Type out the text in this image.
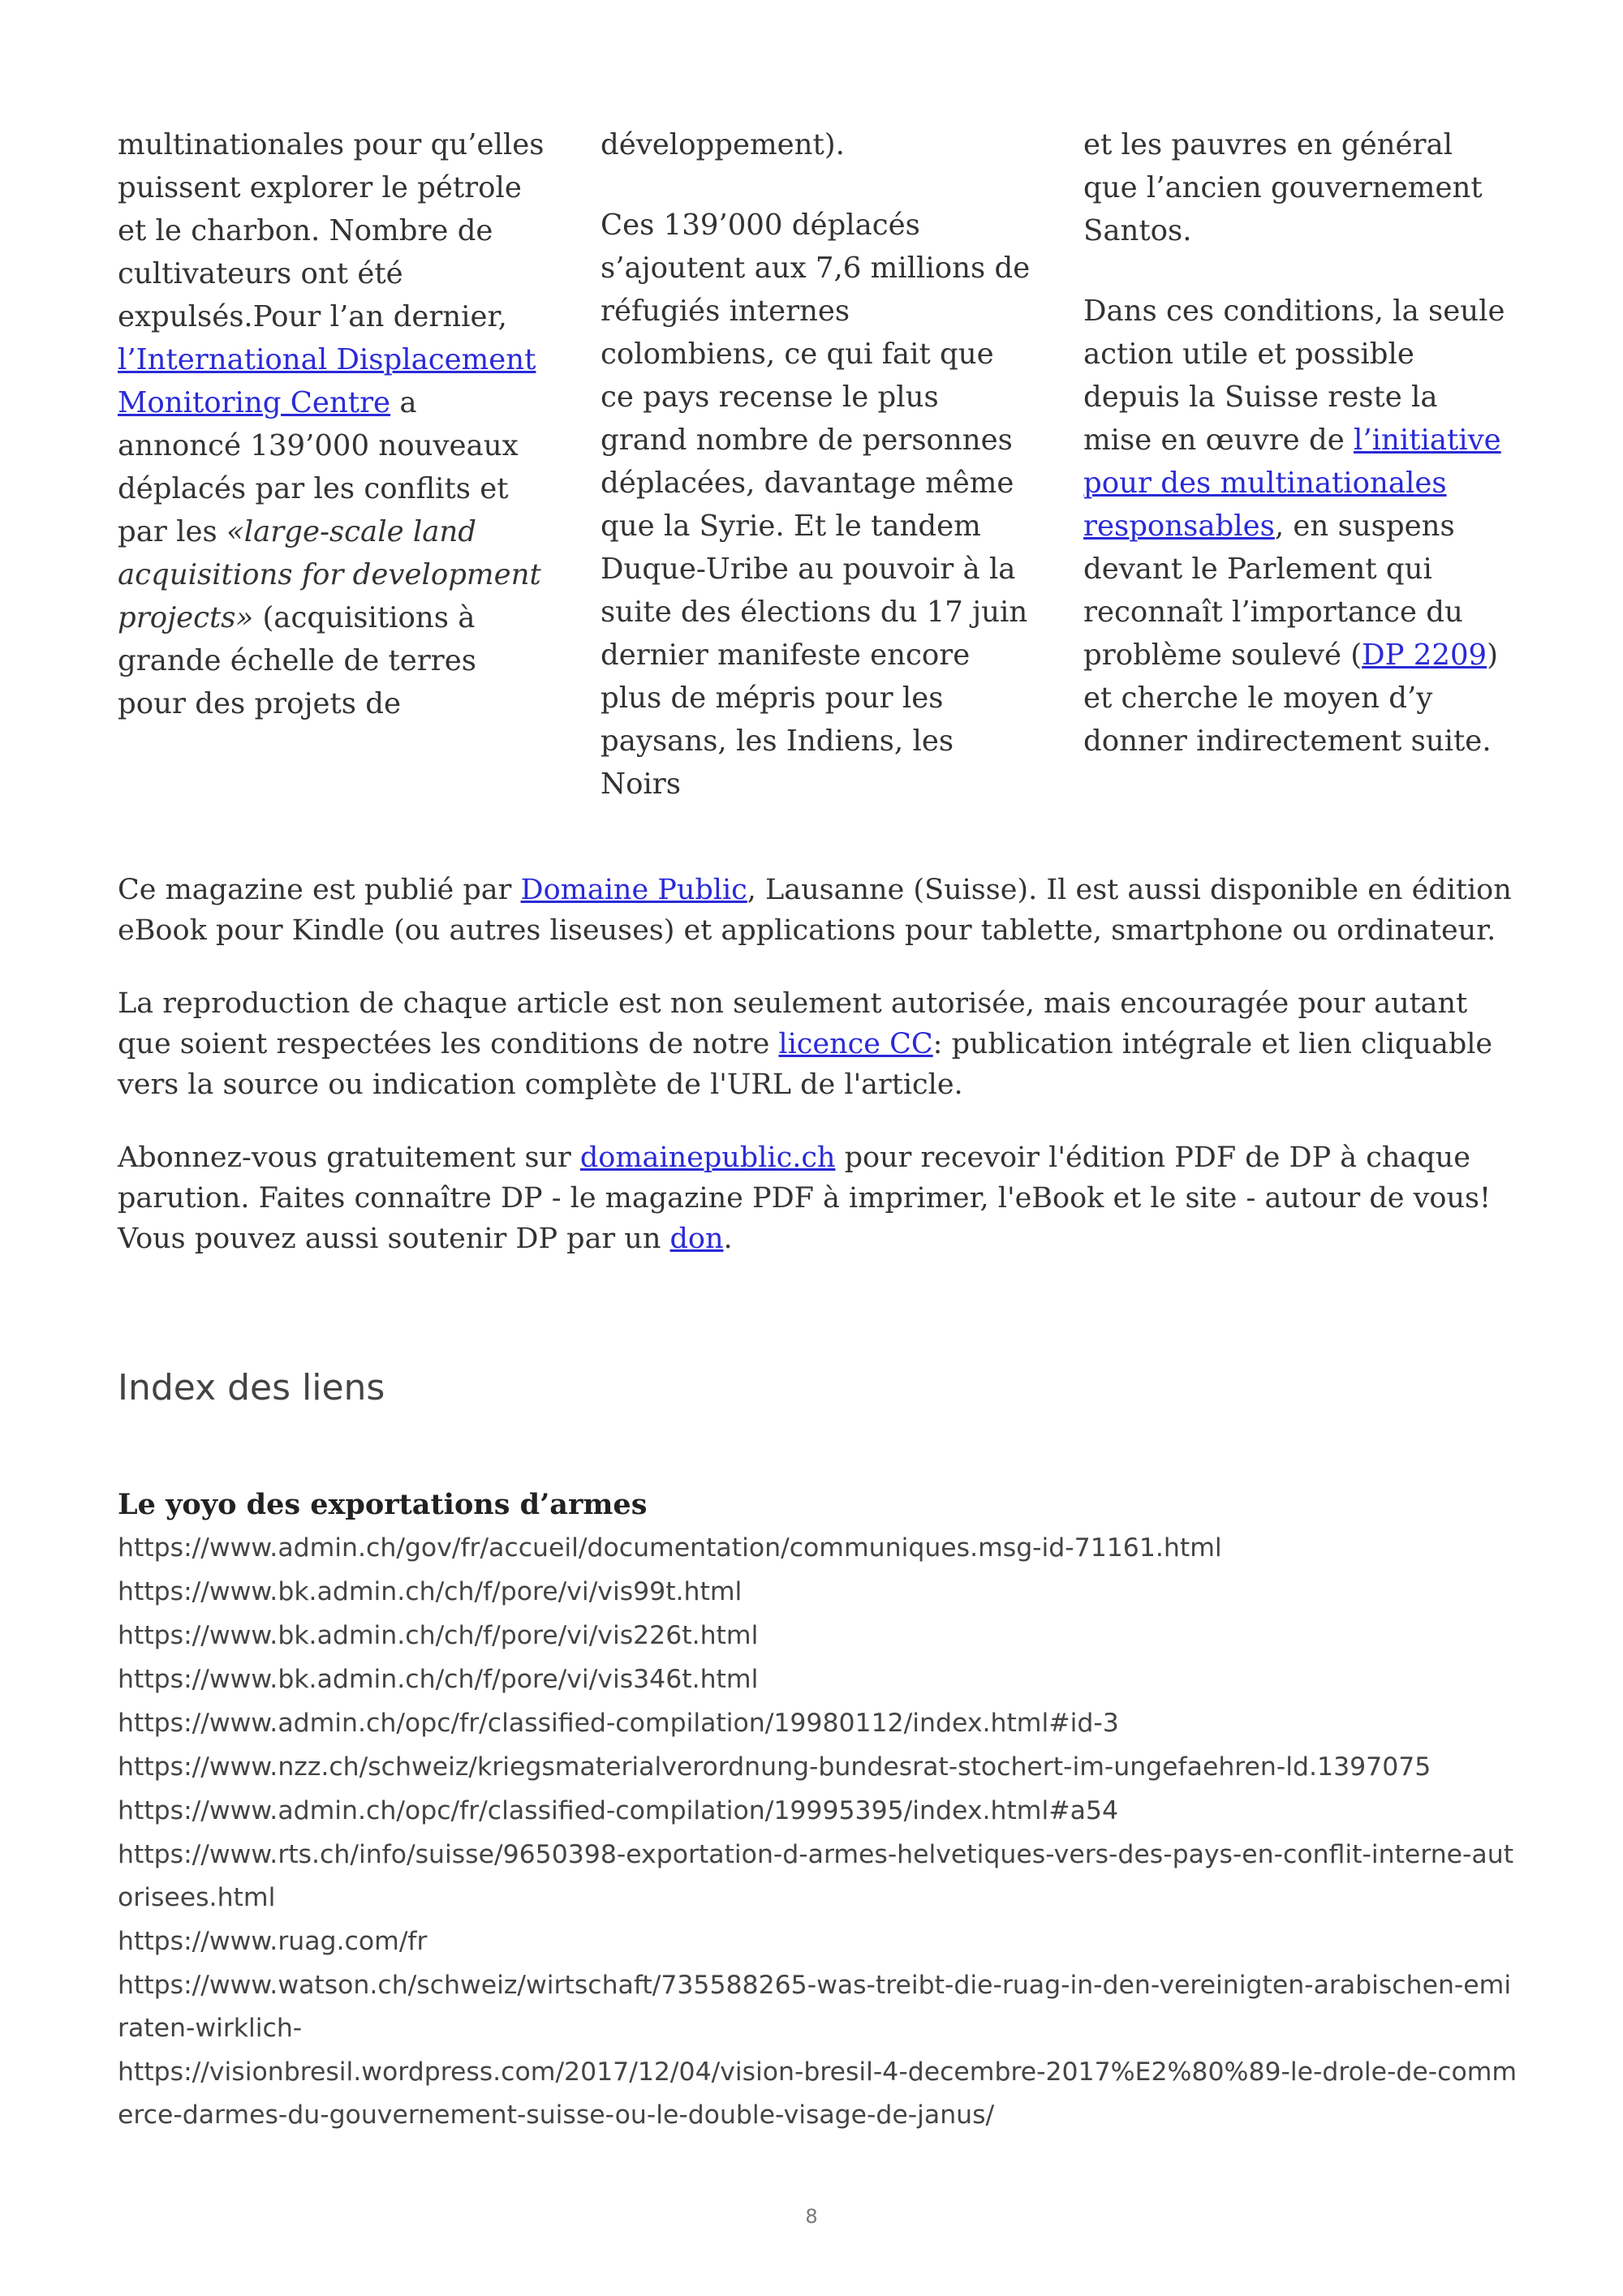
multinationales pour qu’elles puissent explorer le pétrole et le charbon. Nombre de cultivateurs ont été expulsés.Pour l’an dernier, l’International Displacement Monitoring Centre a annoncé 139’000 nouveaux déplacés par les conflits et par les «large-scale land acquisitions for development projects» (acquisitions à grande échelle de terres pour des projets de

développement).

Ces 139’000 déplacés s’ajoutent aux 7,6 millions de réfugiés internes colombiens, ce qui fait que ce pays recense le plus grand nombre de personnes déplacées, davantage même que la Syrie. Et le tandem Duque-Uribe au pouvoir à la suite des élections du 17 juin dernier manifeste encore plus de mépris pour les paysans, les Indiens, les Noirs

et les pauvres en général que l’ancien gouvernement Santos.

Dans ces conditions, la seule action utile et possible depuis la Suisse reste la mise en œuvre de l’initiative pour des multinationales responsables, en suspens devant le Parlement qui reconnaît l’importance du problème soulevé (DP 2209) et cherche le moyen d’y donner indirectement suite.

Ce magazine est publié par Domaine Public, Lausanne (Suisse). Il est aussi disponible en édition eBook pour Kindle (ou autres liseuses) et applications pour tablette, smartphone ou ordinateur.

La reproduction de chaque article est non seulement autorisée, mais encouragée pour autant que soient respectées les conditions de notre licence CC: publication intégrale et lien cliquable vers la source ou indication complète de l'URL de l'article.

Abonnez-vous gratuitement sur domainepublic.ch pour recevoir l'édition PDF de DP à chaque parution. Faites connaître DP - le magazine PDF à imprimer, l'eBook et le site - autour de vous! Vous pouvez aussi soutenir DP par un don.

Index des liens
Le yoyo des exportations d’armes
https://www.admin.ch/gov/fr/accueil/documentation/communiques.msg-id-71161.html
https://www.bk.admin.ch/ch/f/pore/vi/vis99t.html
https://www.bk.admin.ch/ch/f/pore/vi/vis226t.html
https://www.bk.admin.ch/ch/f/pore/vi/vis346t.html
https://www.admin.ch/opc/fr/classified-compilation/19980112/index.html#id-3
https://www.nzz.ch/schweiz/kriegsmaterialverordnung-bundesrat-stochert-im-ungefaehren-ld.1397075
https://www.admin.ch/opc/fr/classified-compilation/19995395/index.html#a54
https://www.rts.ch/info/suisse/9650398-exportation-d-armes-helvetiques-vers-des-pays-en-conflit-interne-autorisees.html
https://www.ruag.com/fr
https://www.watson.ch/schweiz/wirtschaft/735588265-was-treibt-die-ruag-in-den-vereinigten-arabischen-emiraten-wirklich-
https://visionbresil.wordpress.com/2017/12/04/vision-bresil-4-decembre-2017%E2%80%89-le-drole-de-commerce-darmes-du-gouvernement-suisse-ou-le-double-visage-de-janus/
8
